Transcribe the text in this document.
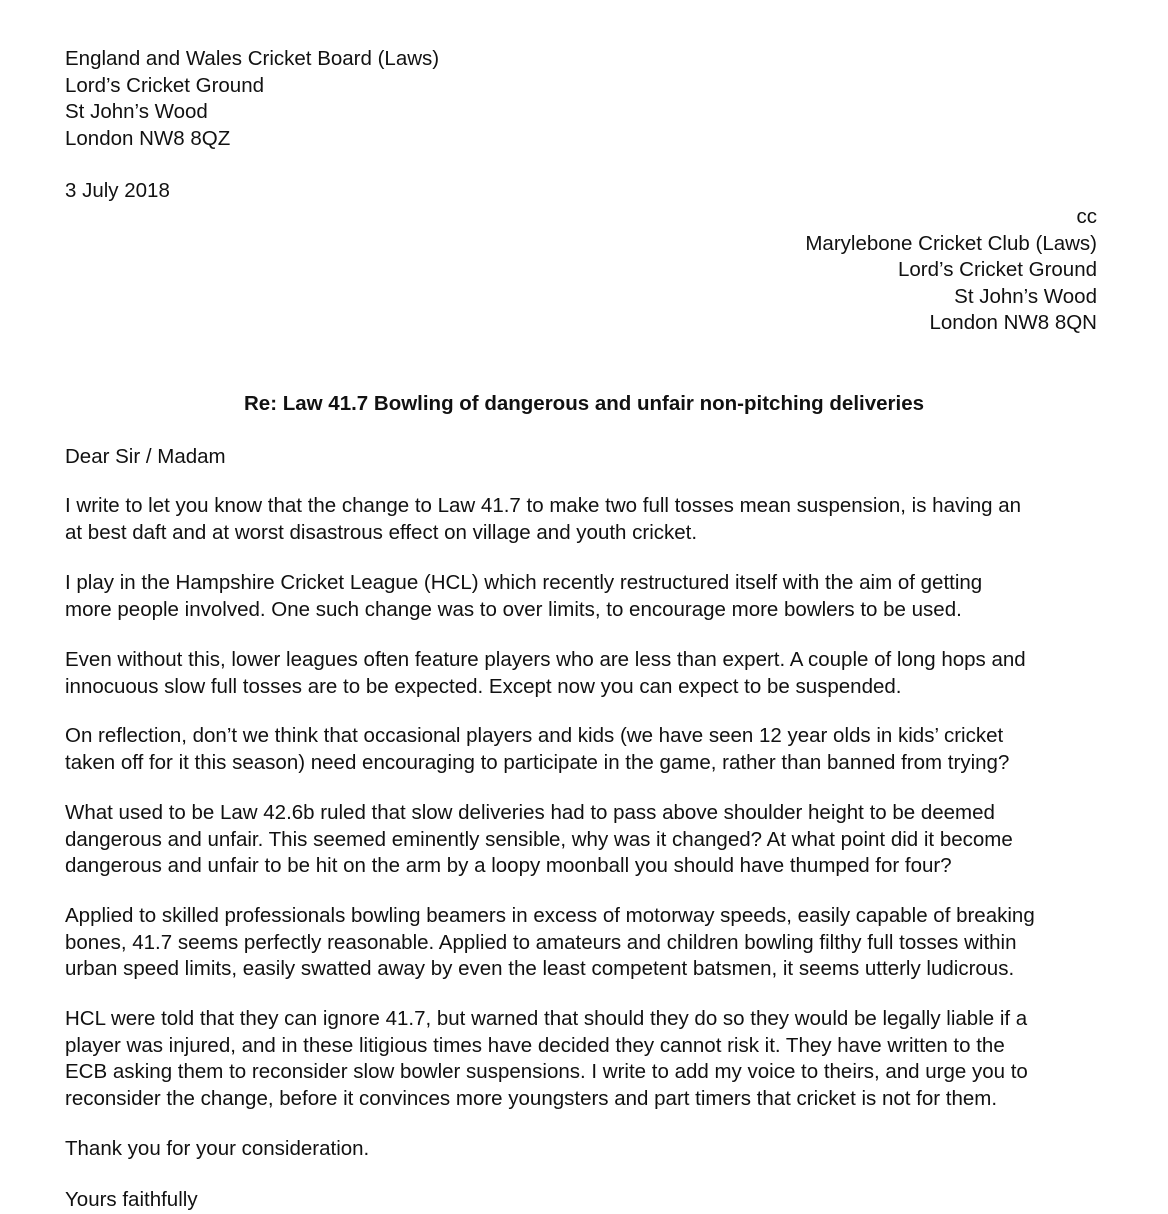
England and Wales Cricket Board (Laws)
Lord’s Cricket Ground
St John’s Wood
London NW8 8QZ
3 July 2018
cc
Marylebone Cricket Club (Laws)
Lord’s Cricket Ground
St John’s Wood
London NW8 8QN
Re: Law 41.7 Bowling of dangerous and unfair non-pitching deliveries
Dear Sir / Madam
I write to let you know that the change to Law 41.7 to make two full tosses mean suspension, is having an
at best daft and at worst disastrous effect on village and youth cricket.
I play in the Hampshire Cricket League (HCL) which recently restructured itself with the aim of getting
more people involved. One such change was to over limits, to encourage more bowlers to be used.
Even without this, lower leagues often feature players who are less than expert. A couple of long hops and
innocuous slow full tosses are to be expected. Except now you can expect to be suspended.
On reflection, don’t we think that occasional players and kids (we have seen 12 year olds in kids’ cricket
taken off for it this season) need encouraging to participate in the game, rather than banned from trying?
What used to be Law 42.6b ruled that slow deliveries had to pass above shoulder height to be deemed
dangerous and unfair. This seemed eminently sensible, why was it changed? At what point did it become
dangerous and unfair to be hit on the arm by a loopy moonball you should have thumped for four?
Applied to skilled professionals bowling beamers in excess of motorway speeds, easily capable of breaking
bones, 41.7 seems perfectly reasonable. Applied to amateurs and children bowling filthy full tosses within
urban speed limits, easily swatted away by even the least competent batsmen, it seems utterly ludicrous.
HCL were told that they can ignore 41.7, but warned that should they do so they would be legally liable if a
player was injured, and in these litigious times have decided they cannot risk it. They have written to the
ECB asking them to reconsider slow bowler suspensions. I write to add my voice to theirs, and urge you to
reconsider the change, before it convinces more youngsters and part timers that cricket is not for them.
Thank you for your consideration.
Yours faithfully
